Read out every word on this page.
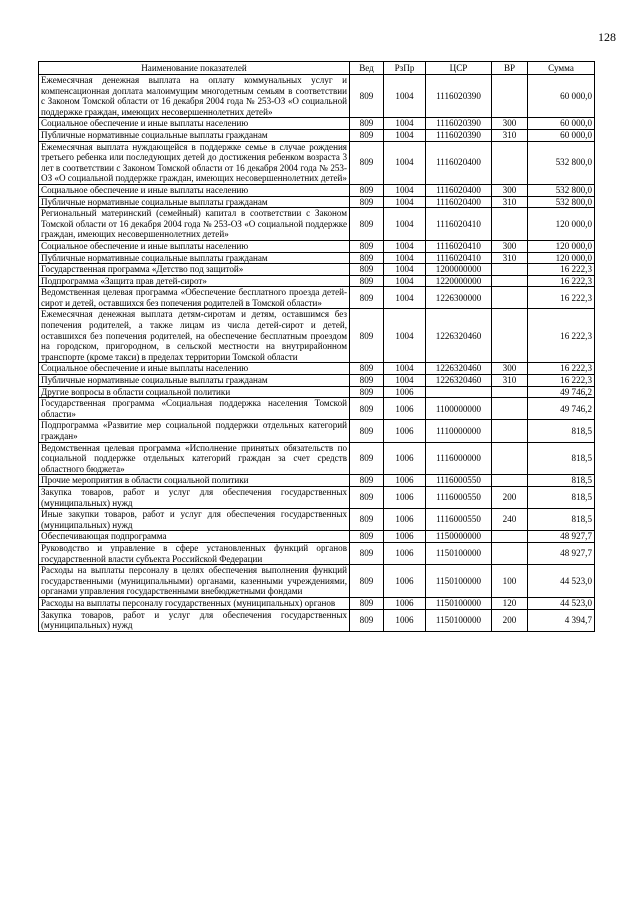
128
Наименование показателей	Вед	РзПр	ЦСР	ВР	Сумма
Ежемесячная денежная выплата на оплату коммунальных услуг и компенсационная доплата малоимущим многодетным семьям в соответствии с Законом Томской области от 16 декабря 2004 года № 253-ОЗ «О социальной поддержке граждан, имеющих несовершеннолетних детей»	809	1004	1116020390		60 000,0
Социальное обеспечение и иные выплаты населению	809	1004	1116020390	300	60 000,0
Публичные нормативные социальные выплаты гражданам	809	1004	1116020390	310	60 000,0
Ежемесячная выплата нуждающейся в поддержке семье в случае рождения третьего ребенка или последующих детей до достижения ребенком возраста 3 лет в соответствии с Законом Томской области от 16 декабря 2004 года № 253-ОЗ «О социальной поддержке граждан, имеющих несовершеннолетних детей»	809	1004	1116020400		532 800,0
Социальное обеспечение и иные выплаты населению	809	1004	1116020400	300	532 800,0
Публичные нормативные социальные выплаты гражданам	809	1004	1116020400	310	532 800,0
Региональный материнский (семейный) капитал в соответствии с Законом Томской области от 16 декабря 2004 года № 253-ОЗ «О социальной поддержке граждан, имеющих несовершеннолетних детей»	809	1004	1116020410		120 000,0
Социальное обеспечение и иные выплаты населению	809	1004	1116020410	300	120 000,0
Публичные нормативные социальные выплаты гражданам	809	1004	1116020410	310	120 000,0
Государственная программа «Детство под защитой»	809	1004	1200000000		16 222,3
Подпрограмма «Защита прав детей-сирот»	809	1004	1220000000		16 222,3
Ведомственная целевая программа «Обеспечение бесплатного проезда детей-сирот и детей, оставшихся без попечения родителей в Томской области»	809	1004	1226300000		16 222,3
Ежемесячная денежная выплата детям-сиротам и детям, оставшимся без попечения родителей, а также лицам из числа детей-сирот и детей, оставшихся без попечения родителей, на обеспечение бесплатным проездом на городском, пригородном, в сельской местности на внутрирайонном транспорте (кроме такси) в пределах территории Томской области	809	1004	1226320460		16 222,3
Социальное обеспечение и иные выплаты населению	809	1004	1226320460	300	16 222,3
Публичные нормативные социальные выплаты гражданам	809	1004	1226320460	310	16 222,3
Другие вопросы в области социальной политики	809	1006			49 746,2
Государственная программа «Социальная поддержка населения Томской области»	809	1006	1100000000		49 746,2
Подпрограмма «Развитие мер социальной поддержки отдельных категорий граждан»	809	1006	1110000000		818,5
Ведомственная целевая программа «Исполнение принятых обязательств по социальной поддержке отдельных категорий граждан за счет средств областного бюджета»	809	1006	1116000000		818,5
Прочие мероприятия в области социальной политики	809	1006	1116000550		818,5
Закупка товаров, работ и услуг для обеспечения государственных (муниципальных) нужд	809	1006	1116000550	200	818,5
Иные закупки товаров, работ и услуг для обеспечения государственных (муниципальных) нужд	809	1006	1116000550	240	818,5
Обеспечивающая подпрограмма	809	1006	1150000000		48 927,7
Руководство и управление в сфере установленных функций органов государственной власти субъекта Российской Федерации	809	1006	1150100000		48 927,7
Расходы на выплаты персоналу в целях обеспечения выполнения функций государственными (муниципальными) органами, казенными учреждениями, органами управления государственными внебюджетными фондами	809	1006	1150100000	100	44 523,0
Расходы на выплаты персоналу государственных (муниципальных) органов	809	1006	1150100000	120	44 523,0
Закупка товаров, работ и услуг для обеспечения государственных (муниципальных) нужд	809	1006	1150100000	200	4 394,7
